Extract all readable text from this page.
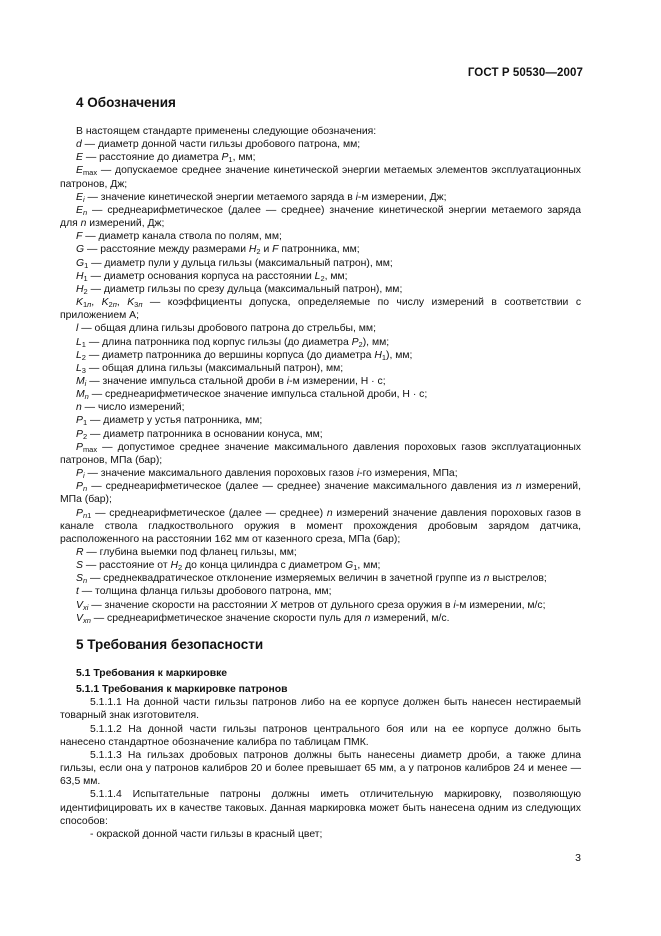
ГОСТ Р 50530—2007
4 Обозначения

В настоящем стандарте применены следующие обозначения:

d — диаметр донной части гильзы дробового патрона, мм;

E — расстояние до диаметра $P_1$, мм;

$E_{max}$ — допускаемое среднее значение кинетической энергии метаемых элементов эксплуатационных патронов, Дж;

$E_i$ — значение кинетической энергии метаемого заряда в i-м измерении, Дж;

$E_n$ — среднеарифметическое (далее — среднее) значение кинетической энергии метаемого заряда для n измерений, Дж;

F — диаметр канала ствола по полям, мм;

G — расстояние между размерами $H_2$ и F патронника, мм;

$G_1$ — диаметр пули у дульца гильзы (максимальный патрон), мм;

$H_1$ — диаметр основания корпуса на расстоянии $L_2$, мм;

$H_2$ — диаметр гильзы по срезу дульца (максимальный патрон), мм;

$K_{1п}$, $K_{2п}$, $K_{3п}$ — коэффициенты допуска, определяемые по числу измерений в соответствии с приложением А;

l — общая длина гильзы дробового патрона до стрельбы, мм;

$L_1$ — длина патронника под корпус гильзы (до диаметра $P_2$), мм;

$L_2$ — диаметр патронника до вершины корпуса (до диаметра $H_1$), мм;

$L_3$ — общая длина гильзы (максимальный патрон), мм;

$M_i$ — значение импульса стальной дроби в i-м измерении, Н · с;

$M_n$ — среднеарифметическое значение импульса стальной дроби, Н · с;

n — число измерений;

$P_1$ — диаметр у устья патронника, мм;

$P_2$ — диаметр патронника в основании конуса, мм;

$P_{max}$ — допустимое среднее значение максимального давления пороховых газов эксплуатационных патронов, МПа (бар);

$P_i$ — значение максимального давления пороховых газов i-го измерения, МПа;

$P_n$ — среднеарифметическое (далее — среднее) значение максимального давления из n измерений, МПа (бар);

$P_{n1}$ — среднеарифметическое (далее — среднее) n измерений значение давления пороховых газов в канале ствола гладкоствольного оружия в момент прохождения дробовым зарядом датчика, расположенного на расстоянии 162 мм от казенного среза, МПа (бар);

R — глубина выемки под фланец гильзы, мм;

S — расстояние от $H_2$ до конца цилиндра с диаметром $G_1$, мм;

$S_n$ — среднеквадратическое отклонение измеряемых величин в зачетной группе из n выстрелов;

t — толщина фланца гильзы дробового патрона, мм;

$V_{xi}$ — значение скорости на расстоянии X метров от дульного среза оружия в i-м измерении, м/с;

$V_{xn}$ — среднеарифметическое значение скорости пуль для n измерений, м/с.

5 Требования безопасности

5.1 Требования к маркировке

5.1.1 Требования к маркировке патронов

5.1.1.1 На донной части гильзы патронов либо на ее корпусе должен быть нанесен нестираемый товарный знак изготовителя.

5.1.1.2 На донной части гильзы патронов центрального боя или на ее корпусе должно быть нанесено стандартное обозначение калибра по таблицам ПМК.

5.1.1.3 На гильзах дробовых патронов должны быть нанесены диаметр дроби, а также длина гильзы, если она у патронов калибров 20 и более превышает 65 мм, а у патронов калибров 24 и менее — 63,5 мм.

5.1.1.4 Испытательные патроны должны иметь отличительную маркировку, позволяющую идентифицировать их в качестве таковых. Данная маркировка может быть нанесена одним из следующих способов:

- окраской донной части гильзы в красный цвет;

3
